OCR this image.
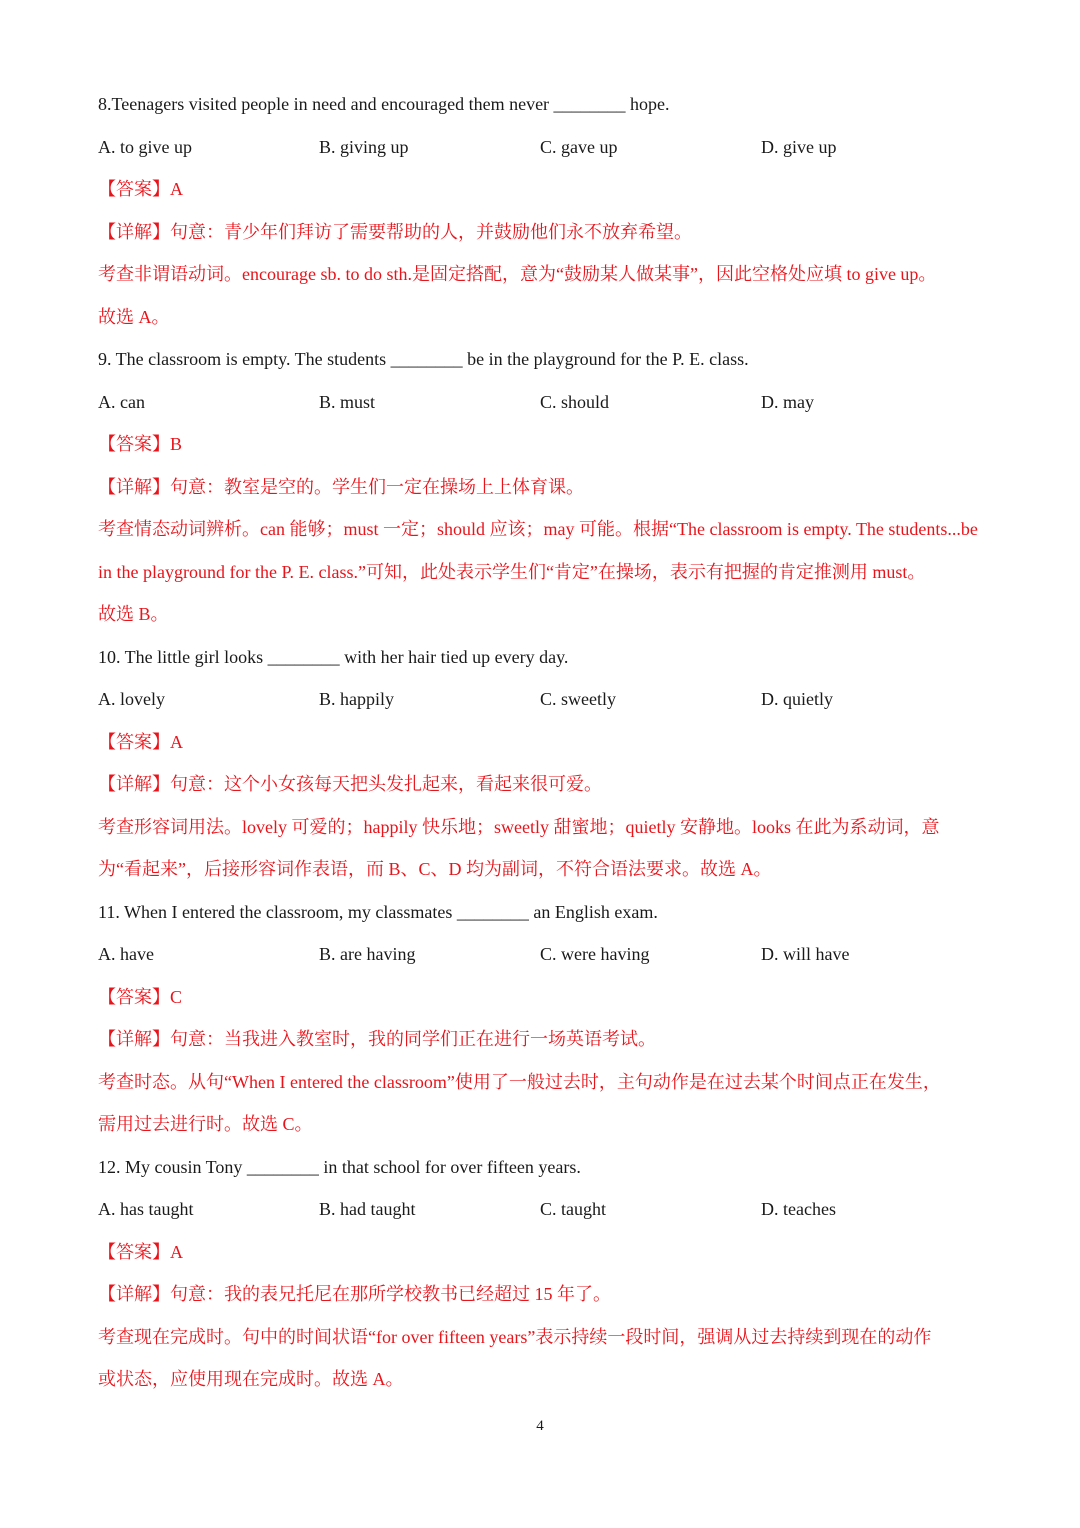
8.Teenagers visited people in need and encouraged them never ________ hope.
A. to give up	B. giving up	C. gave up	D. give up
【答案】A
【详解】句意：青少年们拜访了需要帮助的人，并鼓励他们永不放弃希望。
考查非谓语动词。encourage sb. to do sth.是固定搭配，意为“鼓励某人做某事”，因此空格处应填 to give up。
故选 A。
9. The classroom is empty. The students ________ be in the playground for the P. E. class.
A. can	B. must	C. should	D. may
【答案】B
【详解】句意：教室是空的。学生们一定在操场上上体育课。
考查情态动词辨析。can 能够；must 一定；should 应该；may 可能。根据“The classroom is empty. The students...be
in the playground for the P. E. class.”可知，此处表示学生们“肯定”在操场，表示有把握的肯定推测用 must。
故选 B。
10. The little girl looks ________ with her hair tied up every day.
A. lovely	B. happily	C. sweetly	D. quietly
【答案】A
【详解】句意：这个小女孩每天把头发扎起来，看起来很可爱。
考查形容词用法。lovely 可爱的；happily 快乐地；sweetly 甜蜜地；quietly 安静地。looks 在此为系动词，意
为“看起来”，后接形容词作表语，而 B、C、D 均为副词，不符合语法要求。故选 A。
11. When I entered the classroom, my classmates ________ an English exam.
A. have	B. are having	C. were having	D. will have
【答案】C
【详解】句意：当我进入教室时，我的同学们正在进行一场英语考试。
考查时态。从句“When I entered the classroom”使用了一般过去时，主句动作是在过去某个时间点正在发生，
需用过去进行时。故选 C。
12. My cousin Tony ________ in that school for over fifteen years.
A. has taught	B. had taught	C. taught	D. teaches
【答案】A
【详解】句意：我的表兄托尼在那所学校教书已经超过 15 年了。
考查现在完成时。句中的时间状语“for over fifteen years”表示持续一段时间，强调从过去持续到现在的动作
或状态，应使用现在完成时。故选 A。
4
